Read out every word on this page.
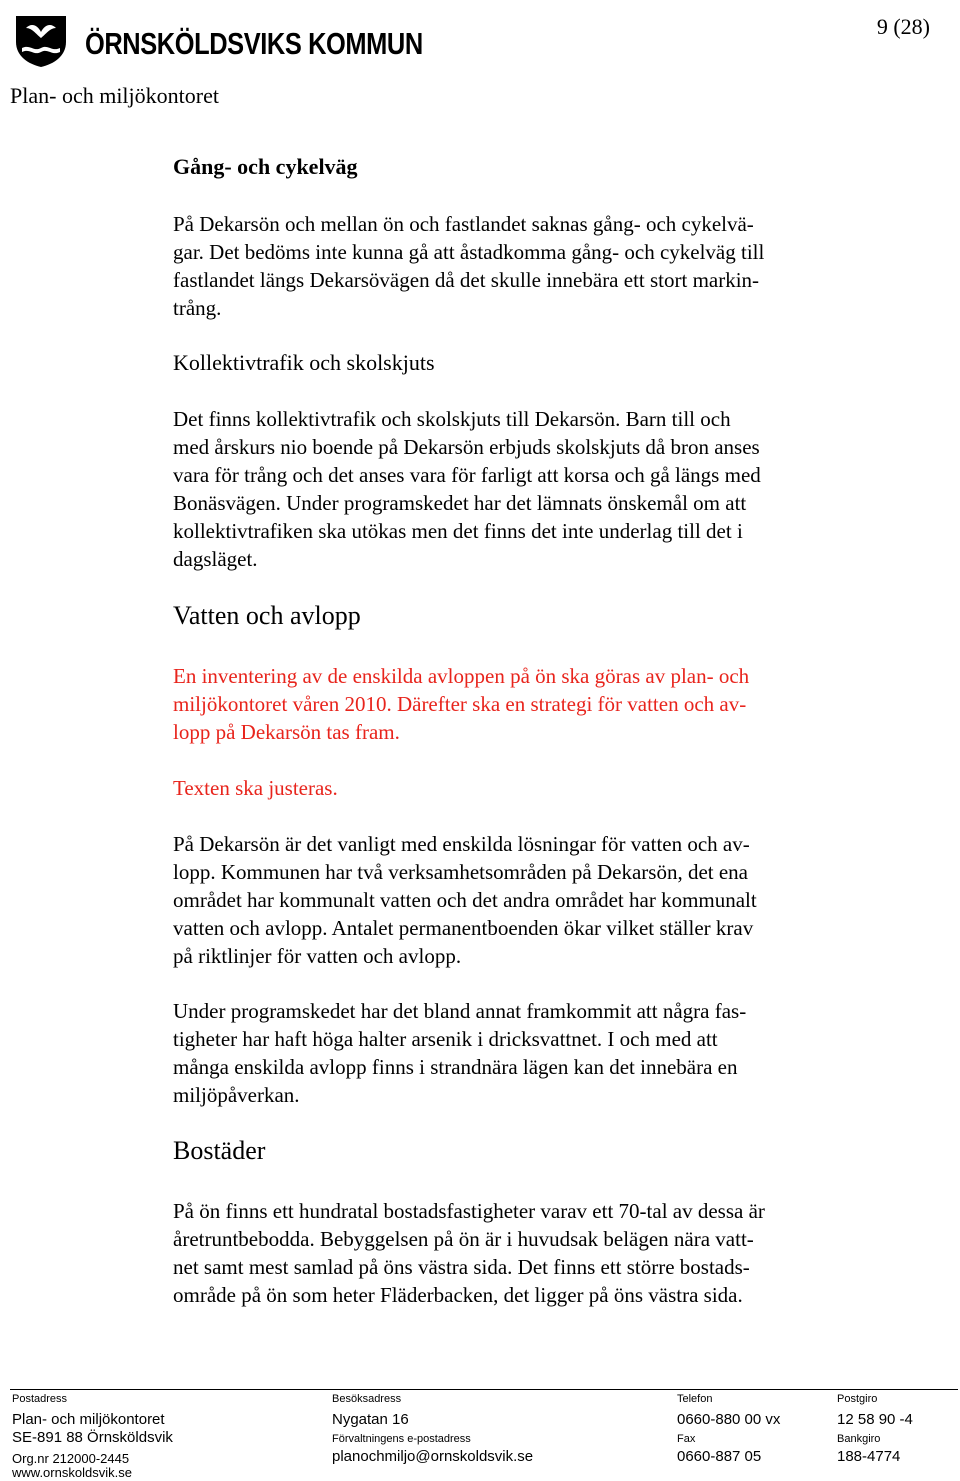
ÖRNSKÖLDSVIKS KOMMUN	9 (28)
Plan- och miljökontoret
Gång- och cykelväg
På Dekarsön och mellan ön och fastlandet saknas gång- och cykelvä-
gar. Det bedöms inte kunna gå att åstadkomma gång- och cykelväg till
fastlandet längs Dekarsövägen då det skulle innebära ett stort markin-
trång.
Kollektivtrafik och skolskjuts
Det finns kollektivtrafik och skolskjuts till Dekarsön. Barn till och
med årskurs nio boende på Dekarsön erbjuds skolskjuts då bron anses
vara för trång och det anses vara för farligt att korsa och gå längs med
Bonäsvägen. Under programskedet har det lämnats önskemål om att
kollektivtrafiken ska utökas men det finns det inte underlag till det i
dagsläget.
Vatten och avlopp
En inventering av de enskilda avloppen på ön ska göras av plan- och
miljökontoret våren 2010. Därefter ska en strategi för vatten och av-
lopp på Dekarsön tas fram.
Texten ska justeras.
På Dekarsön är det vanligt med enskilda lösningar för vatten och av-
lopp. Kommunen har två verksamhetsområden på Dekarsön, det ena
området har kommunalt vatten och det andra området har kommunalt
vatten och avlopp. Antalet permanentboenden ökar vilket ställer krav
på riktlinjer för vatten och avlopp.
Under programskedet har det bland annat framkommit att några fas-
tigheter har haft höga halter arsenik i dricksvattnet. I och med att
många enskilda avlopp finns i strandnära lägen kan det innebära en
miljöpåverkan.
Bostäder
På ön finns ett hundratal bostadsfastigheter varav ett 70-tal av dessa är
åretruntbebodda. Bebyggelsen på ön är i huvudsak belägen nära vatt-
net samt mest samlad på öns västra sida. Det finns ett större bostads-
område på ön som heter Fläderbacken, det ligger på öns västra sida.
Postadress	Besöksadress	Telefon	Postgiro
Plan- och miljökontoret	Nygatan 16	0660-880 00 vx	12 58 90 -4
SE-891 88 Örnsköldsvik	Förvaltningens e-postadress	Fax	Bankgiro
Org.nr 212000-2445	planochmiljo@ornskoldsvik.se	0660-887 05	188-4774
www.ornskoldsvik.se
